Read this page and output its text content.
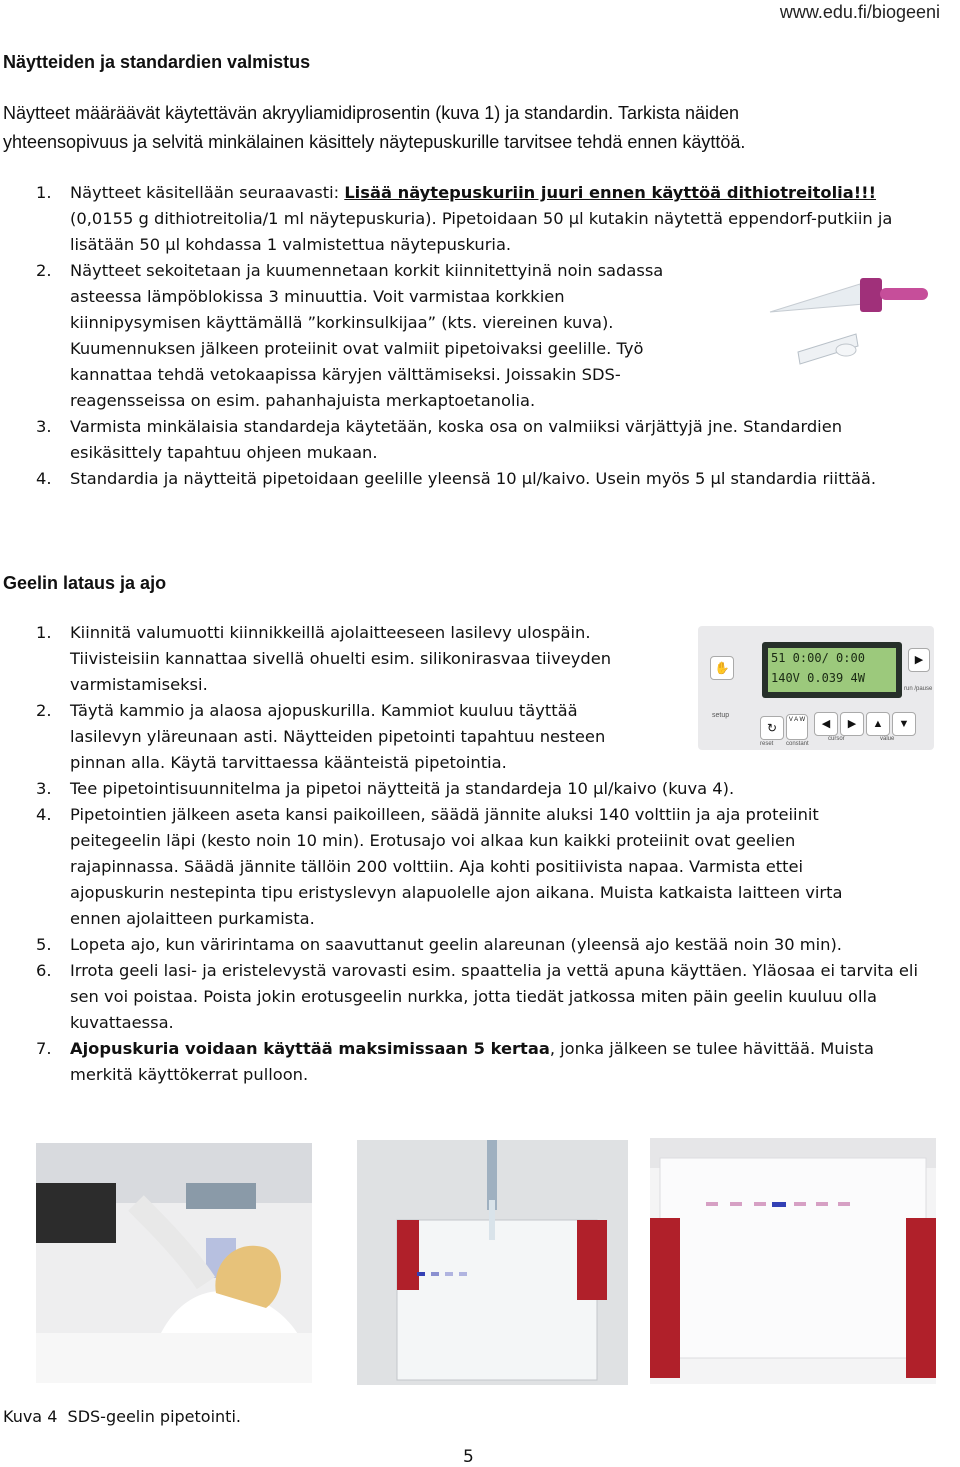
www.edu.fi/biogeeni
Näytteiden ja standardien valmistus
Näytteet määräävät käytettävän akryyliamidiprosentin (kuva 1) ja standardin. Tarkista näiden
yhteensopivuus ja selvitä minkälainen käsittely näytepuskurille tarvitsee tehdä ennen käyttöä.
1. Näytteet käsitellään seuraavasti: Lisää näytepuskuriin juuri ennen käyttöä dithiotreitolia!!! (0,0155 g dithiotreitolia/1 ml näytepuskuria). Pipetoidaan 50 µl kutakin näytettä eppendorf-putkiin ja lisätään 50 µl kohdassa 1 valmistettua näytepuskuria.
2. Näytteet sekoitetaan ja kuumennetaan korkit kiinnitettyinä noin sadassa asteessa lämpöblokissa 3 minuuttia. Voit varmistaa korkkien kiinnipysymisen käyttämällä ”korkinsulkijaa” (kts. viereinen kuva). Kuumennuksen jälkeen proteiinit ovat valmiit pipetoivaksi geelille. Työ kannattaa tehdä vetokaapissa käryjen välttämiseksi. Joissakin SDS-reagensseissa on esim. pahanhajuista merkaptoetanolia.
3. Varmista minkälaisia standardeja käytetään, koska osa on valmiiksi värjättyjä jne. Standardien esikäsittely tapahtuu ohjeen mukaan.
4. Standardia ja näytteitä pipetoidaan geelille yleensä 10 µl/kaivo. Usein myös 5 µl standardia riittää.
Geelin lataus ja ajo
1. Kiinnitä valumuotti kiinnikkeillä ajolaitteeseen lasilevy ulospäin. Tiivisteisiin kannattaa sivellä ohuelti esim. silikonirasvaa tiiveyden varmistamiseksi.
2. Täytä kammio ja alaosa ajopuskurilla. Kammiot kuuluu täyttää lasilevyn yläreunaan asti. Näytteiden pipetointi tapahtuu nesteen pinnan alla. Käytä tarvittaessa käänteistä pipetointia.
3. Tee pipetointisuunnitelma ja pipetoi näytteitä ja standardeja 10 µl/kaivo (kuva 4).
4. Pipetointien jälkeen aseta kansi paikoilleen, säädä jännite aluksi 140 volttiin ja aja proteiinit peitegeelin läpi (kesto noin 10 min). Erotusajo voi alkaa kun kaikki proteiinit ovat geelien rajapinnassa. Säädä jännite tällöin 200 volttiin. Aja kohti positiivista napaa. Varmista ettei ajopuskurin nestepinta tipu eristyslevyn alapuolelle ajon aikana. Muista katkaista laitteen virta ennen ajolaitteen purkamista.
5. Lopeta ajo, kun väririntama on saavuttanut geelin alareunan (yleensä ajo kestää noin 30 min).
6. Irrota geeli lasi- ja eristelevystä varovasti esim. spaattelia ja vettä apuna käyttäen. Yläosaa ei tarvita eli sen voi poistaa. Poista jokin erotusgeelin nurkka, jotta tiedät jatkossa miten päin geelin kuuluu olla kuvattaessa.
7. Ajopuskuria voidaan käyttää maksimissaan 5 kertaa, jonka jälkeen se tulee hävittää. Muista merkitä käyttökerrat pulloon.
51 0:00/ 0:00
140V 0.039 4W
✋
setup
▶
run /pause
↻
V A W	◀	▶	▲	▼
reset constant
cursor	value
Kuva 4  SDS-geelin pipetointi.
5
